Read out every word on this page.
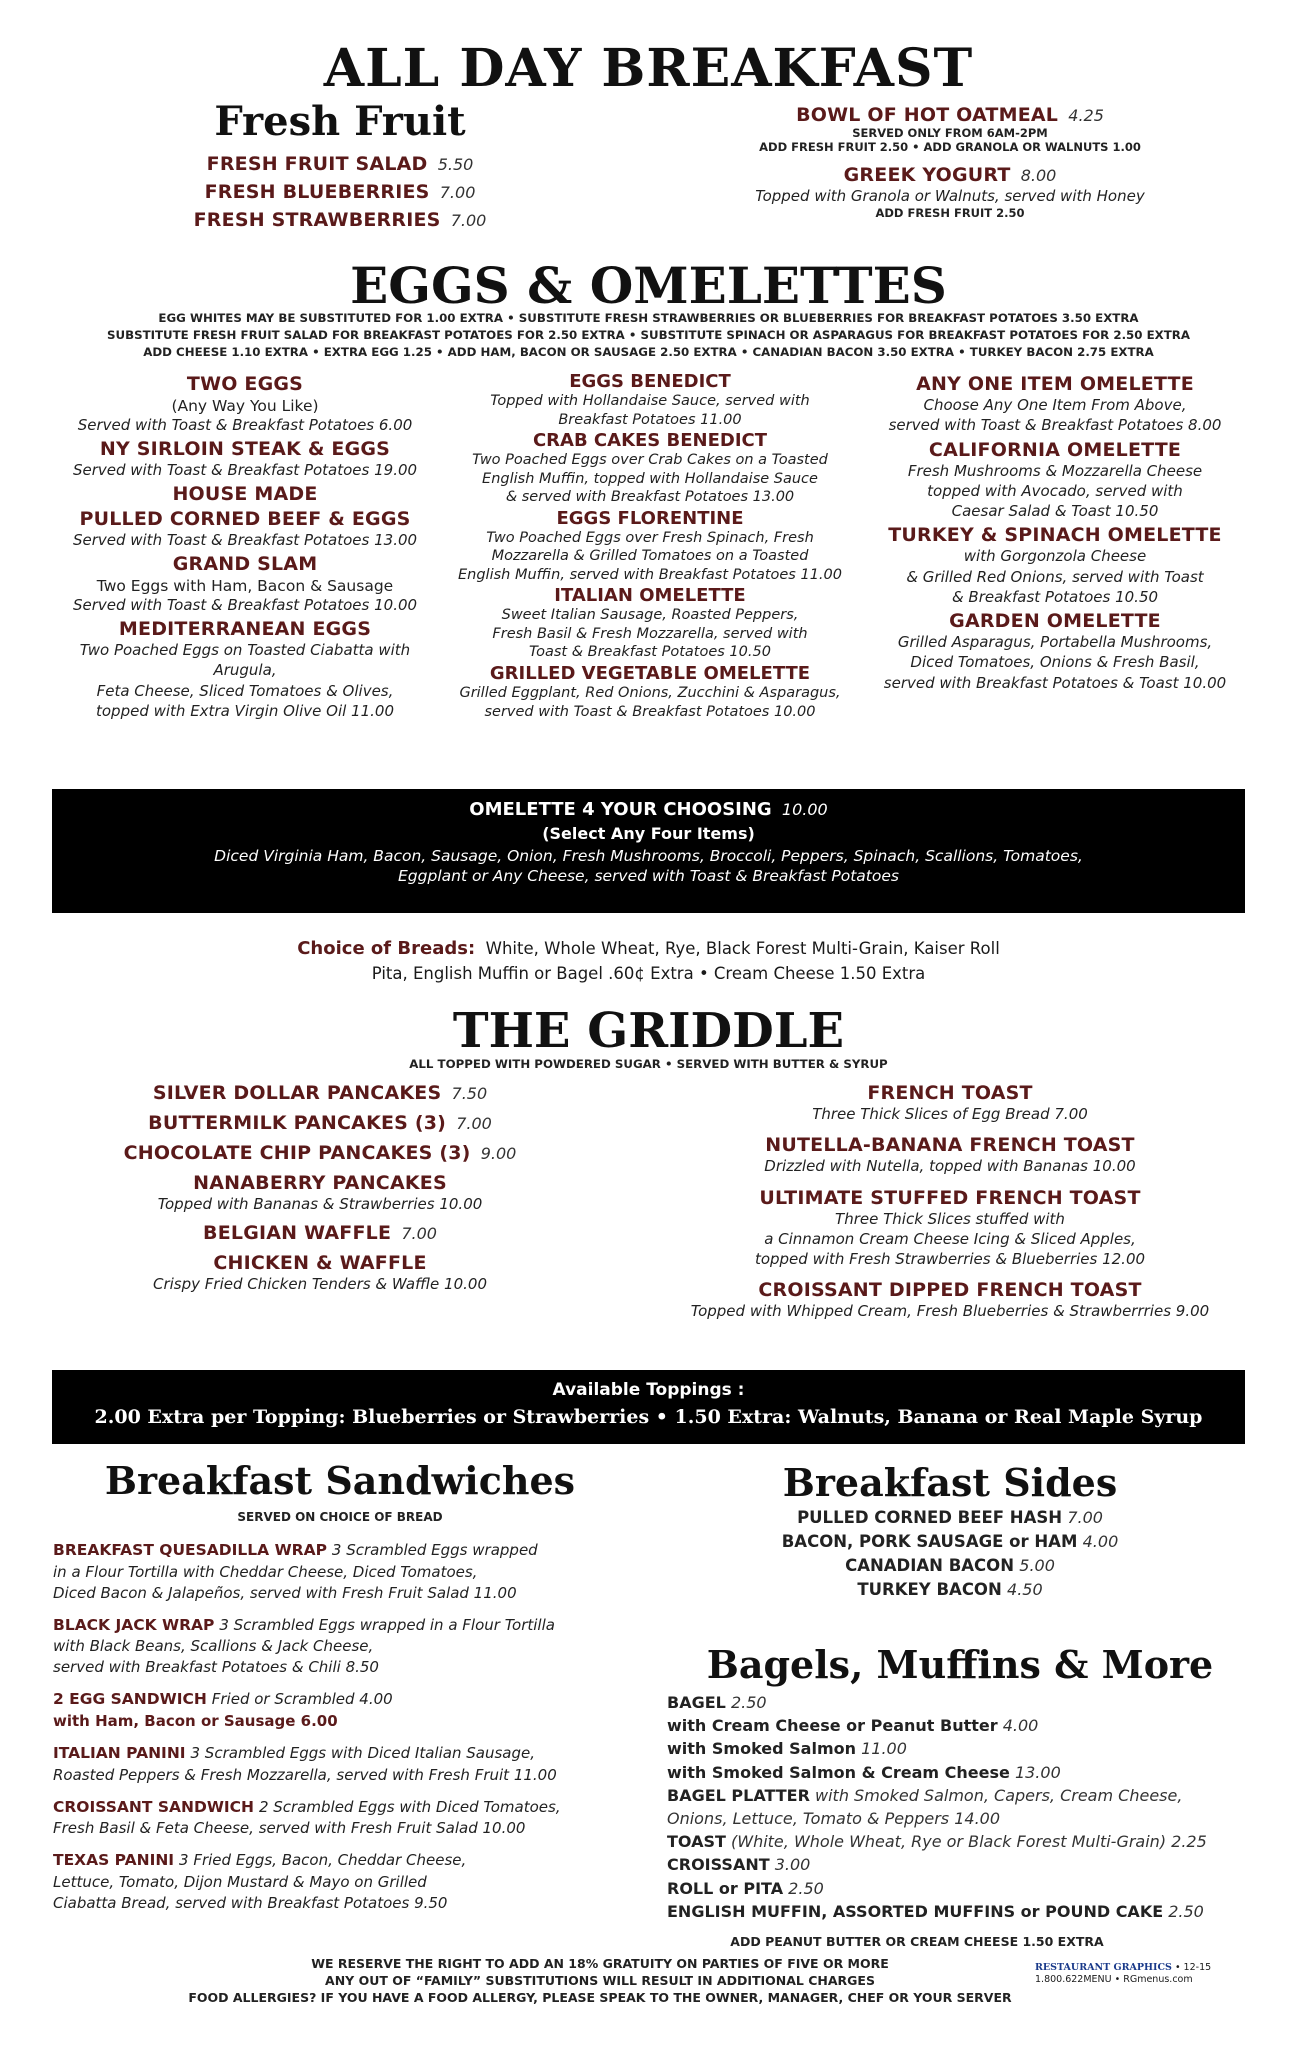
ALL DAY BREAKFAST
Fresh Fruit
FRESH FRUIT SALAD 5.50
FRESH BLUEBERRIES 7.00
FRESH STRAWBERRIES 7.00
BOWL OF HOT OATMEAL 4.25
SERVED ONLY FROM 6AM-2PM
ADD FRESH FRUIT 2.50 • ADD GRANOLA OR WALNUTS 1.00
GREEK YOGURT 8.00
Topped with Granola or Walnuts, served with Honey
ADD FRESH FRUIT 2.50
EGGS & OMELETTES
EGG WHITES MAY BE SUBSTITUTED FOR 1.00 EXTRA • SUBSTITUTE FRESH STRAWBERRIES OR BLUEBERRIES FOR BREAKFAST POTATOES 3.50 EXTRA
SUBSTITUTE FRESH FRUIT SALAD FOR BREAKFAST POTATOES FOR 2.50 EXTRA • SUBSTITUTE SPINACH OR ASPARAGUS FOR BREAKFAST POTATOES FOR 2.50 EXTRA
ADD CHEESE 1.10 EXTRA • EXTRA EGG 1.25 • ADD HAM, BACON OR SAUSAGE 2.50 EXTRA • CANADIAN BACON 3.50 EXTRA • TURKEY BACON 2.75 EXTRA
TWO EGGS
(Any Way You Like)
Served with Toast & Breakfast Potatoes 6.00
NY SIRLOIN STEAK & EGGS
Served with Toast & Breakfast Potatoes 19.00
HOUSE MADE
PULLED CORNED BEEF & EGGS
Served with Toast & Breakfast Potatoes 13.00
GRAND SLAM
Two Eggs with Ham, Bacon & Sausage
Served with Toast & Breakfast Potatoes 10.00
MEDITERRANEAN EGGS
Two Poached Eggs on Toasted Ciabatta with Arugula,
Feta Cheese, Sliced Tomatoes & Olives,
topped with Extra Virgin Olive Oil 11.00
EGGS BENEDICT
Topped with Hollandaise Sauce, served with
Breakfast Potatoes 11.00
CRAB CAKES BENEDICT
Two Poached Eggs over Crab Cakes on a Toasted
English Muffin, topped with Hollandaise Sauce
& served with Breakfast Potatoes 13.00
EGGS FLORENTINE
Two Poached Eggs over Fresh Spinach, Fresh
Mozzarella & Grilled Tomatoes on a Toasted
English Muffin, served with Breakfast Potatoes 11.00
ITALIAN OMELETTE
Sweet Italian Sausage, Roasted Peppers,
Fresh Basil & Fresh Mozzarella, served with
Toast & Breakfast Potatoes 10.50
GRILLED VEGETABLE OMELETTE
Grilled Eggplant, Red Onions, Zucchini & Asparagus,
served with Toast & Breakfast Potatoes 10.00
ANY ONE ITEM OMELETTE
Choose Any One Item From Above,
served with Toast & Breakfast Potatoes 8.00
CALIFORNIA OMELETTE
Fresh Mushrooms & Mozzarella Cheese
topped with Avocado, served with
Caesar Salad & Toast 10.50
TURKEY & SPINACH OMELETTE
with Gorgonzola Cheese
& Grilled Red Onions, served with Toast
& Breakfast Potatoes 10.50
GARDEN OMELETTE
Grilled Asparagus, Portabella Mushrooms,
Diced Tomatoes, Onions & Fresh Basil,
served with Breakfast Potatoes & Toast 10.00
OMELETTE 4 YOUR CHOOSING 10.00
(Select Any Four Items)
Diced Virginia Ham, Bacon, Sausage, Onion, Fresh Mushrooms, Broccoli, Peppers, Spinach, Scallions, Tomatoes,
Eggplant or Any Cheese, served with Toast & Breakfast Potatoes
Choice of Breads: White, Whole Wheat, Rye, Black Forest Multi-Grain, Kaiser Roll
Pita, English Muffin or Bagel .60¢ Extra • Cream Cheese 1.50 Extra
THE GRIDDLE
ALL TOPPED WITH POWDERED SUGAR • SERVED WITH BUTTER & SYRUP
SILVER DOLLAR PANCAKES 7.50
BUTTERMILK PANCAKES (3) 7.00
CHOCOLATE CHIP PANCAKES (3) 9.00
NANABERRY PANCAKES
Topped with Bananas & Strawberries 10.00
BELGIAN WAFFLE 7.00
CHICKEN & WAFFLE
Crispy Fried Chicken Tenders & Waffle 10.00
FRENCH TOAST
Three Thick Slices of Egg Bread 7.00
NUTELLA-BANANA FRENCH TOAST
Drizzled with Nutella, topped with Bananas 10.00
ULTIMATE STUFFED FRENCH TOAST
Three Thick Slices stuffed with
a Cinnamon Cream Cheese Icing & Sliced Apples,
topped with Fresh Strawberries & Blueberries 12.00
CROISSANT DIPPED FRENCH TOAST
Topped with Whipped Cream, Fresh Blueberries & Strawberrries 9.00
Available Toppings :
2.00 Extra per Topping: Blueberries or Strawberries • 1.50 Extra: Walnuts, Banana or Real Maple Syrup
Breakfast Sandwiches
SERVED ON CHOICE OF BREAD
BREAKFAST QUESADILLA WRAP 3 Scrambled Eggs wrapped
in a Flour Tortilla with Cheddar Cheese, Diced Tomatoes,
Diced Bacon & Jalapeños, served with Fresh Fruit Salad 11.00
BLACK JACK WRAP 3 Scrambled Eggs wrapped in a Flour Tortilla
with Black Beans, Scallions & Jack Cheese,
served with Breakfast Potatoes & Chili 8.50
2 EGG SANDWICH Fried or Scrambled 4.00
with Ham, Bacon or Sausage 6.00
ITALIAN PANINI 3 Scrambled Eggs with Diced Italian Sausage,
Roasted Peppers & Fresh Mozzarella, served with Fresh Fruit 11.00
CROISSANT SANDWICH 2 Scrambled Eggs with Diced Tomatoes,
Fresh Basil & Feta Cheese, served with Fresh Fruit Salad 10.00
TEXAS PANINI 3 Fried Eggs, Bacon, Cheddar Cheese,
Lettuce, Tomato, Dijon Mustard & Mayo on Grilled
Ciabatta Bread, served with Breakfast Potatoes 9.50
Breakfast Sides
PULLED CORNED BEEF HASH 7.00
BACON, PORK SAUSAGE or HAM 4.00
CANADIAN BACON 5.00
TURKEY BACON 4.50
Bagels, Muffins & More
BAGEL 2.50
with Cream Cheese or Peanut Butter 4.00
with Smoked Salmon 11.00
with Smoked Salmon & Cream Cheese 13.00
BAGEL PLATTER with Smoked Salmon, Capers, Cream Cheese,
Onions, Lettuce, Tomato & Peppers 14.00
TOAST (White, Whole Wheat, Rye or Black Forest Multi-Grain) 2.25
CROISSANT 3.00
ROLL or PITA 2.50
ENGLISH MUFFIN, ASSORTED MUFFINS or POUND CAKE 2.50
ADD PEANUT BUTTER OR CREAM CHEESE 1.50 EXTRA
WE RESERVE THE RIGHT TO ADD AN 18% GRATUITY ON PARTIES OF FIVE OR MORE
ANY OUT OF “FAMILY” SUBSTITUTIONS WILL RESULT IN ADDITIONAL CHARGES
FOOD ALLERGIES? IF YOU HAVE A FOOD ALLERGY, PLEASE SPEAK TO THE OWNER, MANAGER, CHEF OR YOUR SERVER
RESTAURANT GRAPHICS • 12-15
1.800.622MENU • RGmenus.com
